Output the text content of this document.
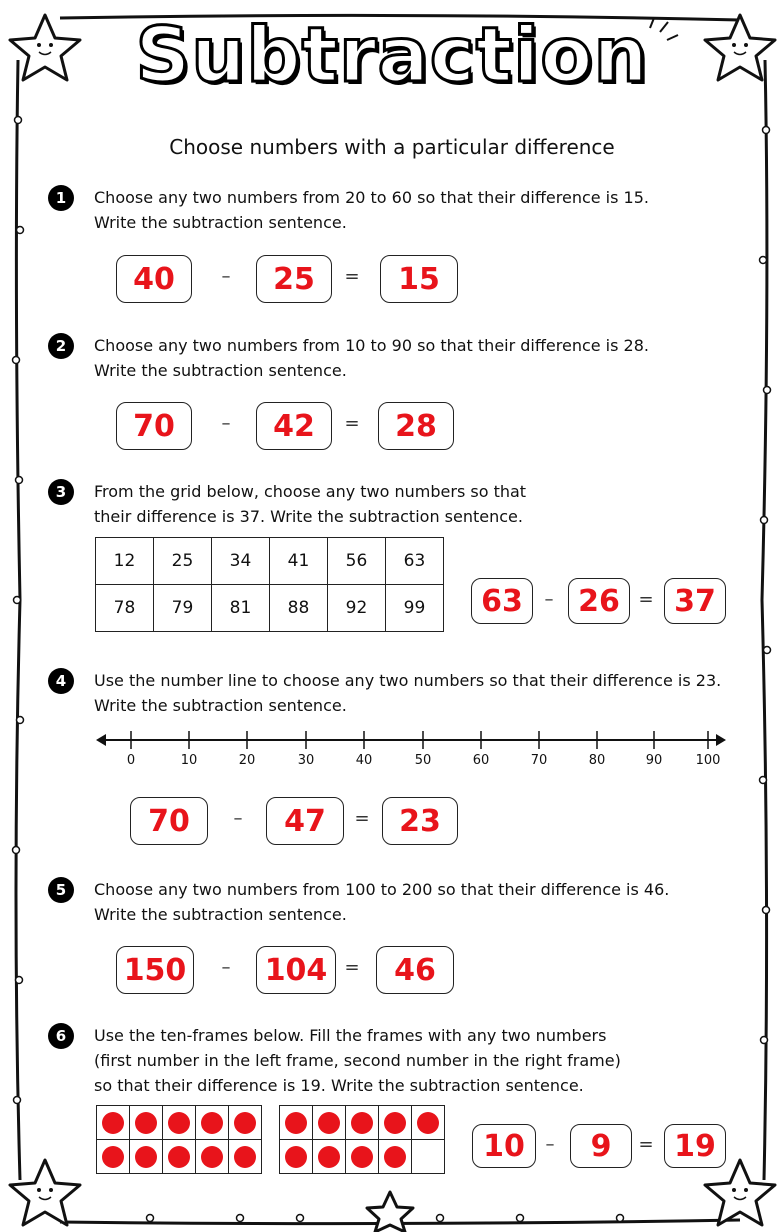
Subtraction
Choose numbers with a particular difference
1	Choose any two numbers from 20 to 60 so that their difference is 15.
Write the subtraction sentence.
40	–	25	=	15
2	Choose any two numbers from 10 to 90 so that their difference is 28.
Write the subtraction sentence.
70	–	42	=	28
3	From the grid below, choose any two numbers so that
their difference is 37. Write the subtraction sentence.
12	25	34	41	56	63
78	79	81	88	92	99	63	– 26	= 37
4	Use the number line to choose any two numbers so that their difference is 23.
Write the subtraction sentence.
0	10	20	30	40	50	60	70	80	90	100
70	–	47	= 23
5	Choose any two numbers from 100 to 200 so that their difference is 46.
Write the subtraction sentence.
150	– 104 =	46
6	Use the ten-frames below. Fill the frames with any two numbers
(first number in the left frame, second number in the right frame)
so that their difference is 19. Write the subtraction sentence.

10	–	9	= 19
